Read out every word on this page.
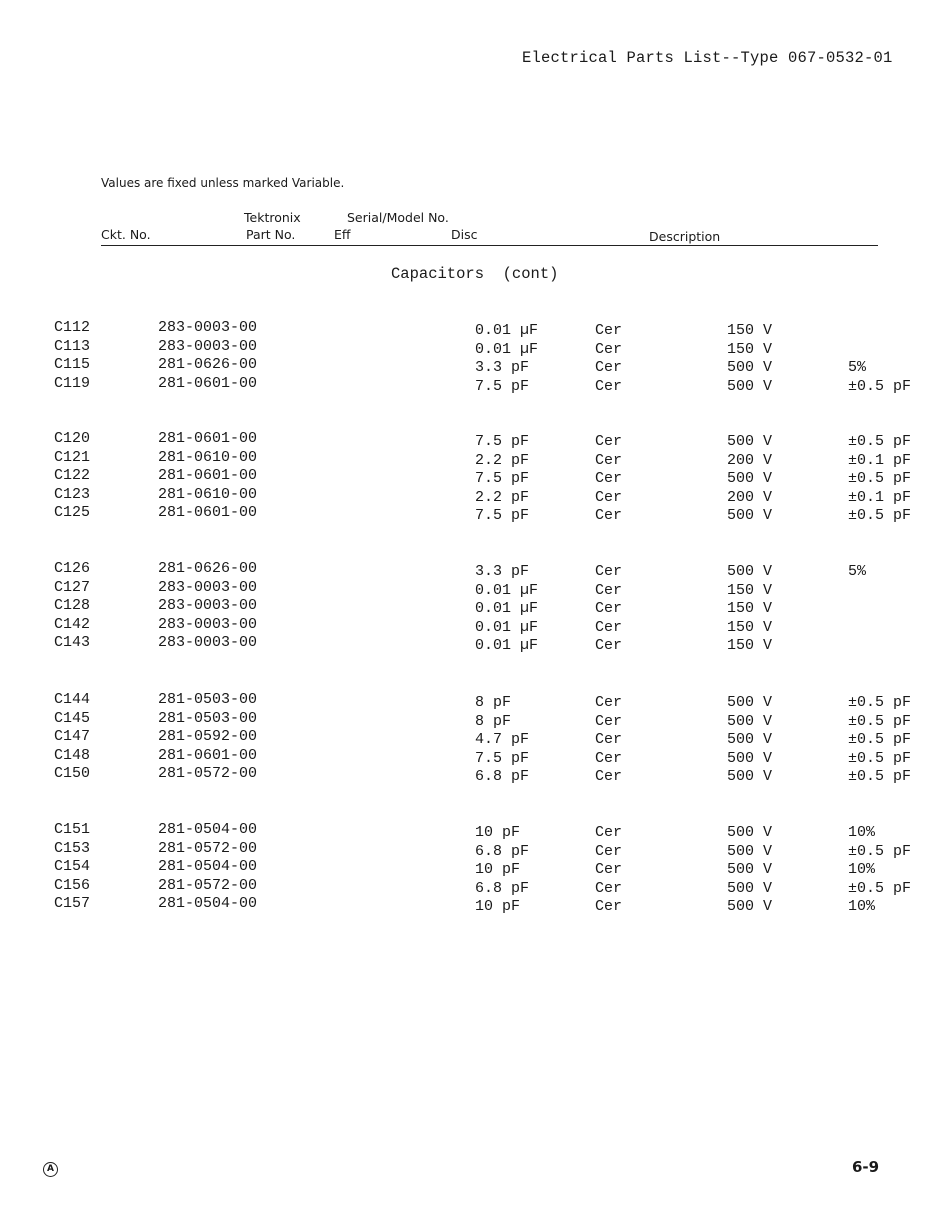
Electrical Parts List--Type 067-0532-01
Values are fixed unless marked Variable.
Tektronix	Serial/Model No.
Ckt. No.	Part No.	Eff	Disc	Description
Capacitors  (cont)
C112	283-0003-00	0.01 µF	Cer	150 V
C113	283-0003-00	0.01 µF	Cer	150 V
C115	281-0626-00	3.3 pF	Cer	500 V	5%
C119	281-0601-00	7.5 pF	Cer	500 V	±0.5 pF
C120	281-0601-00	7.5 pF	Cer	500 V	±0.5 pF
C121	281-0610-00	2.2 pF	Cer	200 V	±0.1 pF
C122	281-0601-00	7.5 pF	Cer	500 V	±0.5 pF
C123	281-0610-00	2.2 pF	Cer	200 V	±0.1 pF
C125	281-0601-00	7.5 pF	Cer	500 V	±0.5 pF
C126	281-0626-00	3.3 pF	Cer	500 V	5%
C127	283-0003-00	0.01 µF	Cer	150 V
C128	283-0003-00	0.01 µF	Cer	150 V
C142	283-0003-00	0.01 µF	Cer	150 V
C143	283-0003-00	0.01 µF	Cer	150 V
C144	281-0503-00	8 pF	Cer	500 V	±0.5 pF
C145	281-0503-00	8 pF	Cer	500 V	±0.5 pF
C147	281-0592-00	4.7 pF	Cer	500 V	±0.5 pF
C148	281-0601-00	7.5 pF	Cer	500 V	±0.5 pF
C150	281-0572-00	6.8 pF	Cer	500 V	±0.5 pF
C151	281-0504-00	10 pF	Cer	500 V	10%
C153	281-0572-00	6.8 pF	Cer	500 V	±0.5 pF
C154	281-0504-00	10 pF	Cer	500 V	10%
C156	281-0572-00	6.8 pF	Cer	500 V	±0.5 pF
C157	281-0504-00	10 pF	Cer	500 V	10%
A	6-9
